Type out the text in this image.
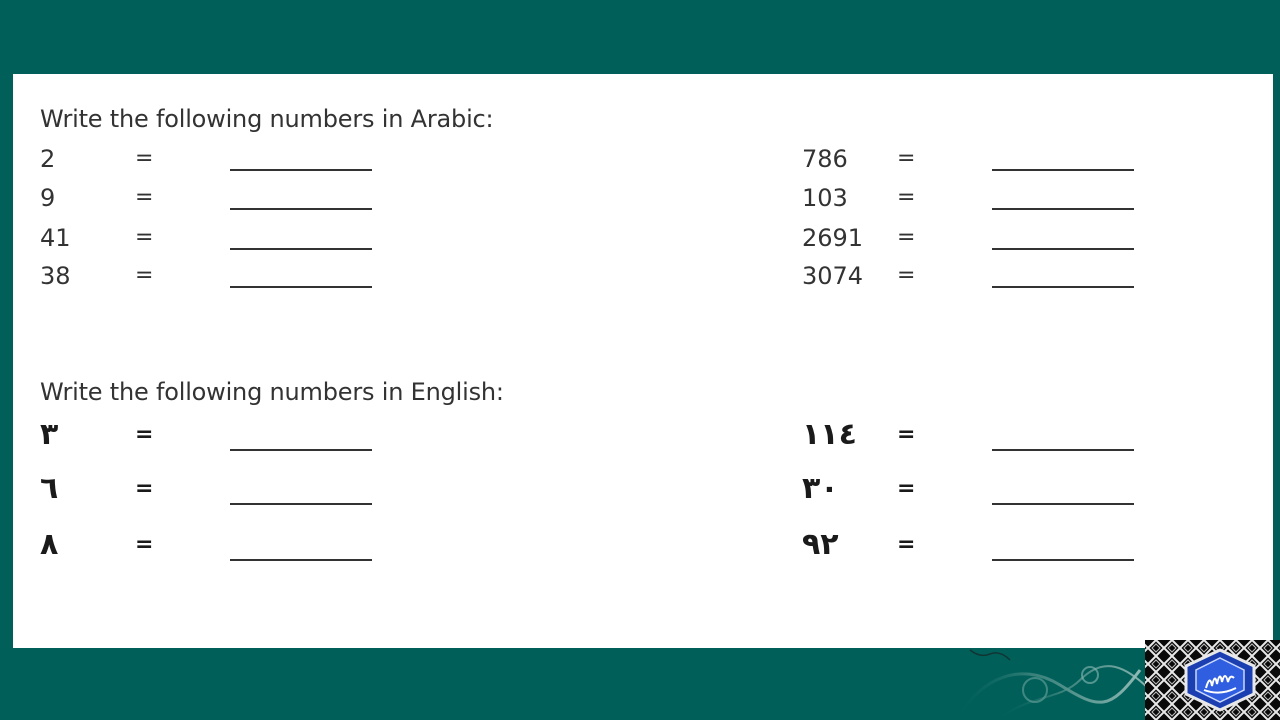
Write the following numbers in Arabic:
2	=
9	=
41	=
38	=
786 =
103 =
2691 =
3074 =
Write the following numbers in English:
٣	=
٦	=
٨	=
١١٤ =
٣٠	=
٩٢	=
